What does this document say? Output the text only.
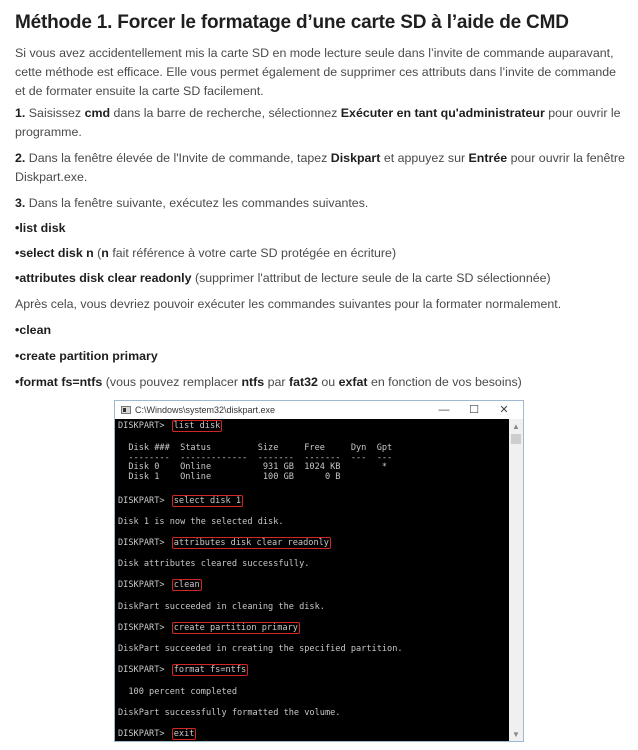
Méthode 1. Forcer le formatage d’une carte SD à l’aide de CMD

Si vous avez accidentellement mis la carte SD en mode lecture seule dans l’invite de commande auparavant, cette méthode est efficace. Elle vous permet également de supprimer ces attributs dans l’invite de commande et de formater ensuite la carte SD facilement.

1. Saisissez cmd dans la barre de recherche, sélectionnez Exécuter en tant qu'administrateur pour ouvrir le programme.

2. Dans la fenêtre élevée de l'Invite de commande, tapez Diskpart et appuyez sur Entrée pour ouvrir la fenêtre Diskpart.exe.

3. Dans la fenêtre suivante, exécutez les commandes suivantes.

•list disk

•select disk n (n fait référence à votre carte SD protégée en écriture)

•attributes disk clear readonly (supprimer l'attribut de lecture seule de la carte SD sélectionnée)

Après cela, vous devriez pouvoir exécuter les commandes suivantes pour la formater normalement.

•clean

•create partition primary

•format fs=ntfs (vous pouvez remplacer ntfs par fat32 ou exfat en fonction de vos besoins)

C:\Windows\system32\diskpart.exe	—	☐	✕
DISKPART> list disk
Disk ###  Status         Size     Free     Dyn  Gpt
--------  -------------  -------  -------  ---  ---
Disk 0    Online          931 GB  1024 KB        *
Disk 1    Online          100 GB      0 B
DISKPART> select disk 1
Disk 1 is now the selected disk.
DISKPART> attributes disk clear readonly
Disk attributes cleared successfully.
DISKPART> clean
DiskPart succeeded in cleaning the disk.
DISKPART> create partition primary
DiskPart succeeded in creating the specified partition.
DISKPART> format fs=ntfs
100 percent completed
DiskPart successfully formatted the volume.
DISKPART> exit
▲
▼
